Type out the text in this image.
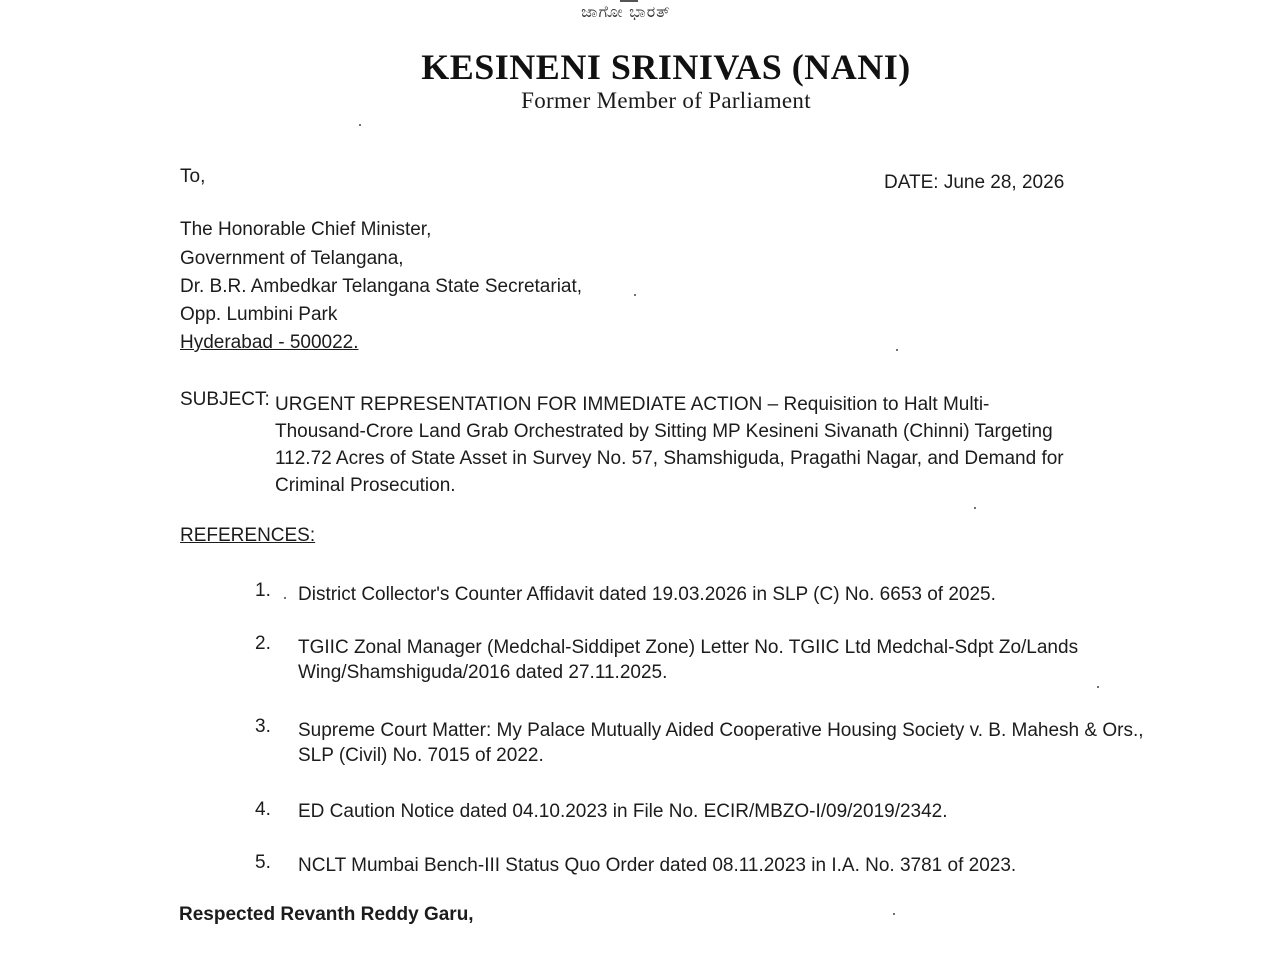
ಜಾಗೋ ಭಾರತ್
KESINENI SRINIVAS (NANI)
Former Member of Parliament
To,	DATE: June 28, 2026
The Honorable Chief Minister,
Government of Telangana,
Dr. B.R. Ambedkar Telangana State Secretariat,
Opp. Lumbini Park
Hyderabad - 500022.
SUBJECT: URGENT REPRESENTATION FOR IMMEDIATE ACTION – Requisition to Halt Multi-Thousand-Crore Land Grab Orchestrated by Sitting MP Kesineni Sivanath (Chinni) Targeting 112.72 Acres of State Asset in Survey No. 57, Shamshiguda, Pragathi Nagar, and Demand for Criminal Prosecution.
REFERENCES:
1. District Collector's Counter Affidavit dated 19.03.2026 in SLP (C) No. 6653 of 2025.
2. TGIIC Zonal Manager (Medchal-Siddipet Zone) Letter No. TGIIC Ltd Medchal-Sdpt Zo/Lands Wing/Shamshiguda/2016 dated 27.11.2025.
3. Supreme Court Matter: My Palace Mutually Aided Cooperative Housing Society v. B. Mahesh & Ors., SLP (Civil) No. 7015 of 2022.
4. ED Caution Notice dated 04.10.2023 in File No. ECIR/MBZO-I/09/2019/2342.
5. NCLT Mumbai Bench-III Status Quo Order dated 08.11.2023 in I.A. No. 3781 of 2023.
Respected Revanth Reddy Garu,
